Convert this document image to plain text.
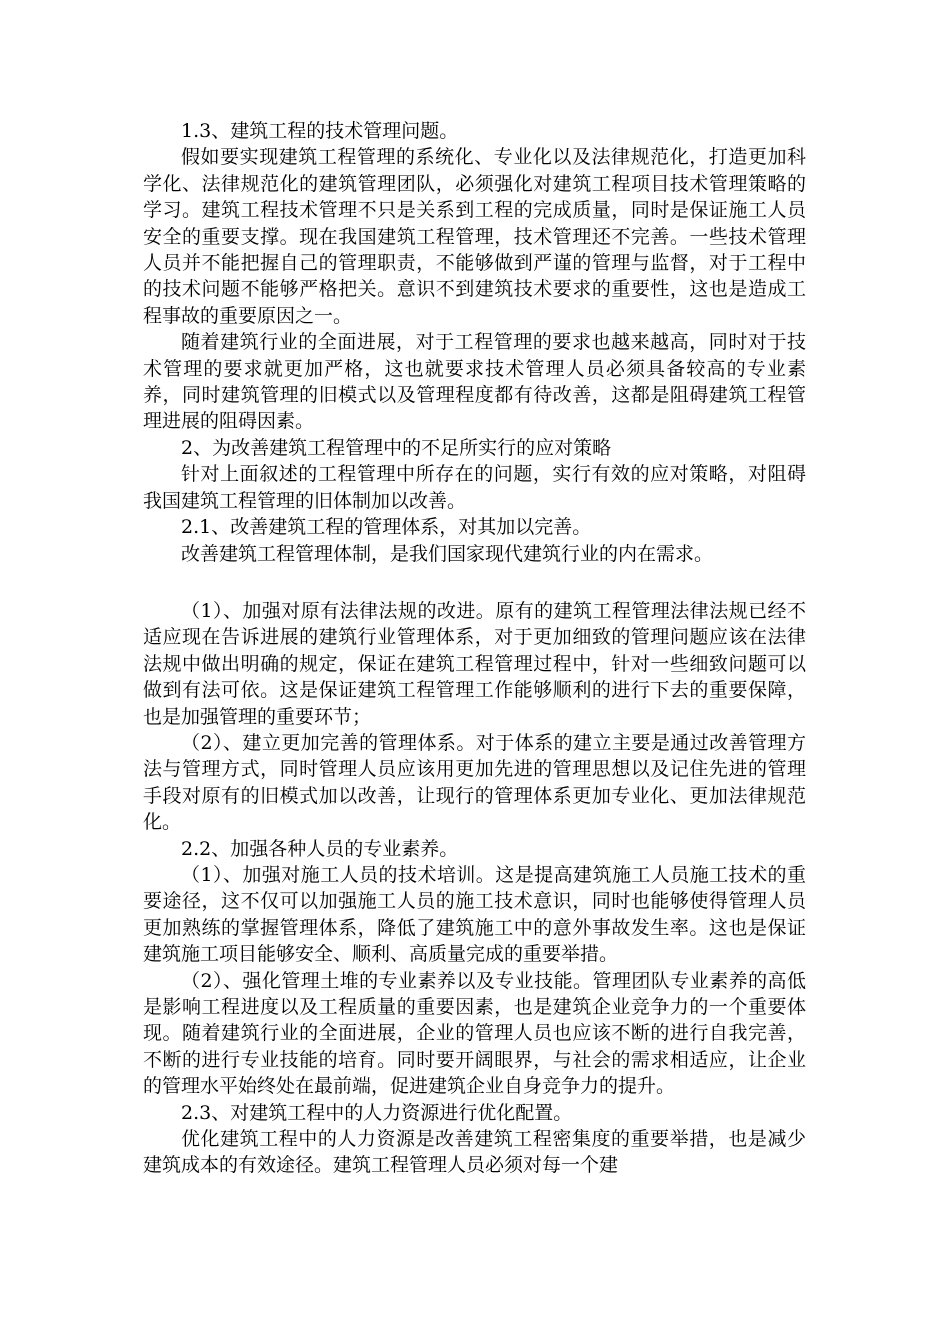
1.3、建筑工程的技术管理问题。

假如要实现建筑工程管理的系统化、专业化以及法律规范化，打造更加科学化、法律规范化的建筑管理团队，必须强化对建筑工程项目技术管理策略的学习。建筑工程技术管理不只是关系到工程的完成质量，同时是保证施工人员安全的重要支撑。现在我国建筑工程管理，技术管理还不完善。一些技术管理人员并不能把握自己的管理职责，不能够做到严谨的管理与监督，对于工程中的技术问题不能够严格把关。意识不到建筑技术要求的重要性，这也是造成工程事故的重要原因之一。

随着建筑行业的全面进展，对于工程管理的要求也越来越高，同时对于技术管理的要求就更加严格，这也就要求技术管理人员必须具备较高的专业素养，同时建筑管理的旧模式以及管理程度都有待改善，这都是阻碍建筑工程管理进展的阻碍因素。

2、为改善建筑工程管理中的不足所实行的应对策略

针对上面叙述的工程管理中所存在的问题，实行有效的应对策略，对阻碍我国建筑工程管理的旧体制加以改善。

2.1、改善建筑工程的管理体系，对其加以完善。

改善建筑工程管理体制，是我们国家现代建筑行业的内在需求。

（1）、加强对原有法律法规的改进。原有的建筑工程管理法律法规已经不适应现在告诉进展的建筑行业管理体系，对于更加细致的管理问题应该在法律法规中做出明确的规定，保证在建筑工程管理过程中，针对一些细致问题可以做到有法可依。这是保证建筑工程管理工作能够顺利的进行下去的重要保障，也是加强管理的重要环节；

（2）、建立更加完善的管理体系。对于体系的建立主要是通过改善管理方法与管理方式，同时管理人员应该用更加先进的管理思想以及记住先进的管理手段对原有的旧模式加以改善，让现行的管理体系更加专业化、更加法律规范化。

2.2、加强各种人员的专业素养。

（1）、加强对施工人员的技术培训。这是提高建筑施工人员施工技术的重要途径，这不仅可以加强施工人员的施工技术意识，同时也能够使得管理人员更加熟练的掌握管理体系，降低了建筑施工中的意外事故发生率。这也是保证建筑施工项目能够安全、顺利、高质量完成的重要举措。

（2）、强化管理土堆的专业素养以及专业技能。管理团队专业素养的高低是影响工程进度以及工程质量的重要因素，也是建筑企业竞争力的一个重要体现。随着建筑行业的全面进展，企业的管理人员也应该不断的进行自我完善，不断的进行专业技能的培育。同时要开阔眼界，与社会的需求相适应，让企业的管理水平始终处在最前端，促进建筑企业自身竞争力的提升。

2.3、对建筑工程中的人力资源进行优化配置。

优化建筑工程中的人力资源是改善建筑工程密集度的重要举措，也是减少建筑成本的有效途径。建筑工程管理人员必须对每一个建
